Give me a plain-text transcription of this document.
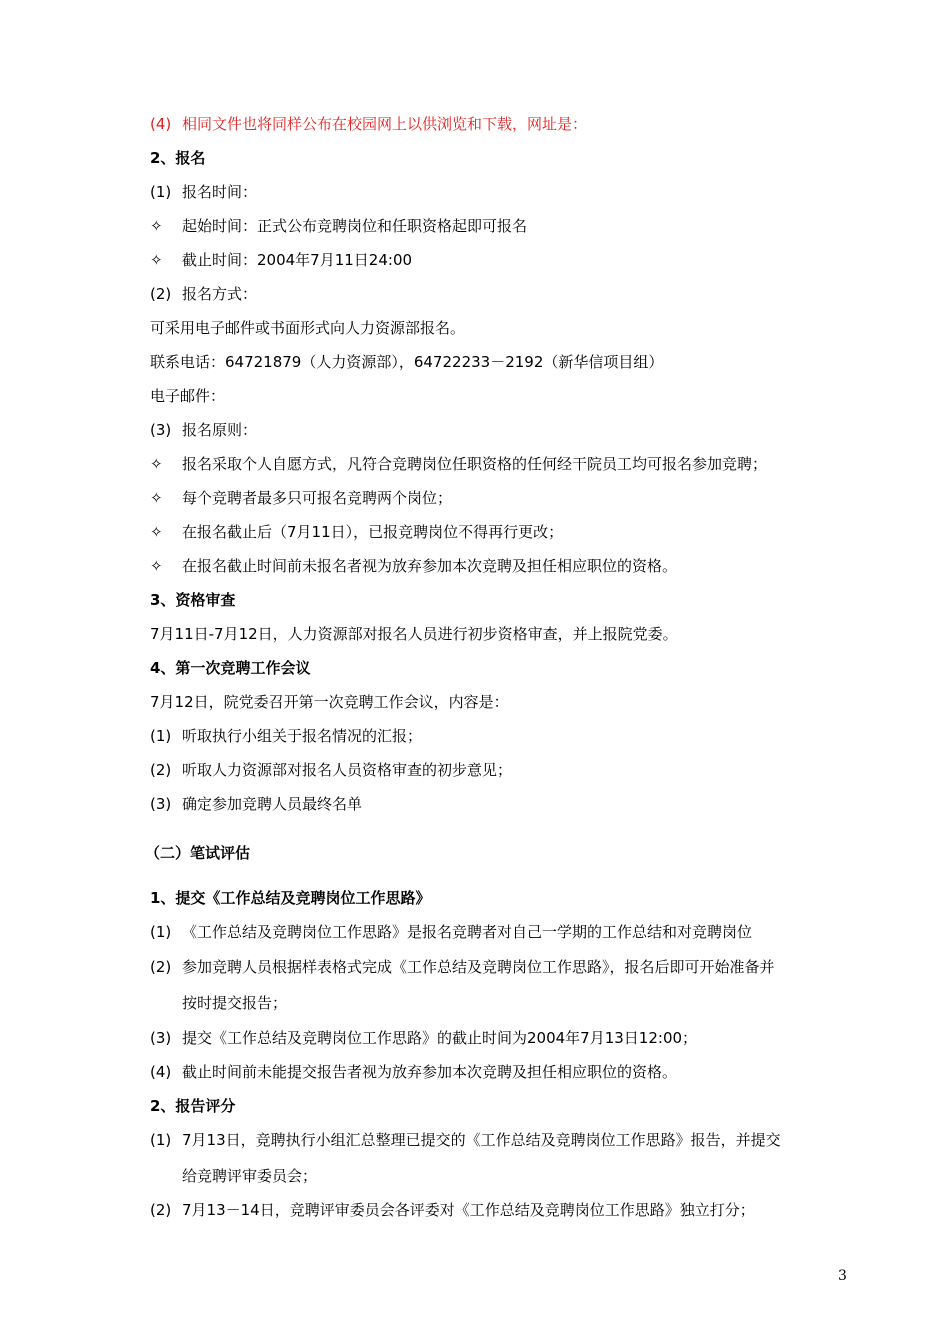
(4) 相同文件也将同样公布在校园网上以供浏览和下载，网址是：
2、报名
(1) 报名时间：
✧ 起始时间：正式公布竞聘岗位和任职资格起即可报名
✧ 截止时间：2004年7月11日24:00
(2) 报名方式：
可采用电子邮件或书面形式向人力资源部报名。
联系电话：64721879（人力资源部），64722233－2192（新华信项目组）
电子邮件：
(3) 报名原则：
✧ 报名采取个人自愿方式，凡符合竞聘岗位任职资格的任何经干院员工均可报名参加竞聘；
✧ 每个竞聘者最多只可报名竞聘两个岗位；
✧ 在报名截止后（7月11日），已报竞聘岗位不得再行更改；
✧ 在报名截止时间前未报名者视为放弃参加本次竞聘及担任相应职位的资格。
3、资格审查
7月11日-7月12日，人力资源部对报名人员进行初步资格审查，并上报院党委。
4、第一次竞聘工作会议
7月12日，院党委召开第一次竞聘工作会议，内容是：
(1) 听取执行小组关于报名情况的汇报；
(2) 听取人力资源部对报名人员资格审查的初步意见；
(3) 确定参加竞聘人员最终名单
（二）笔试评估
1、提交《工作总结及竞聘岗位工作思路》
(1) 《工作总结及竞聘岗位工作思路》是报名竞聘者对自己一学期的工作总结和对竞聘岗位
(2) 参加竞聘人员根据样表格式完成《工作总结及竞聘岗位工作思路》，报名后即可开始准备并
按时提交报告；
(3) 提交《工作总结及竞聘岗位工作思路》的截止时间为2004年7月13日12:00；
(4) 截止时间前未能提交报告者视为放弃参加本次竞聘及担任相应职位的资格。
2、报告评分
(1) 7月13日，竞聘执行小组汇总整理已提交的《工作总结及竞聘岗位工作思路》报告，并提交
给竞聘评审委员会；
(2) 7月13－14日，竞聘评审委员会各评委对《工作总结及竞聘岗位工作思路》独立打分；
3
